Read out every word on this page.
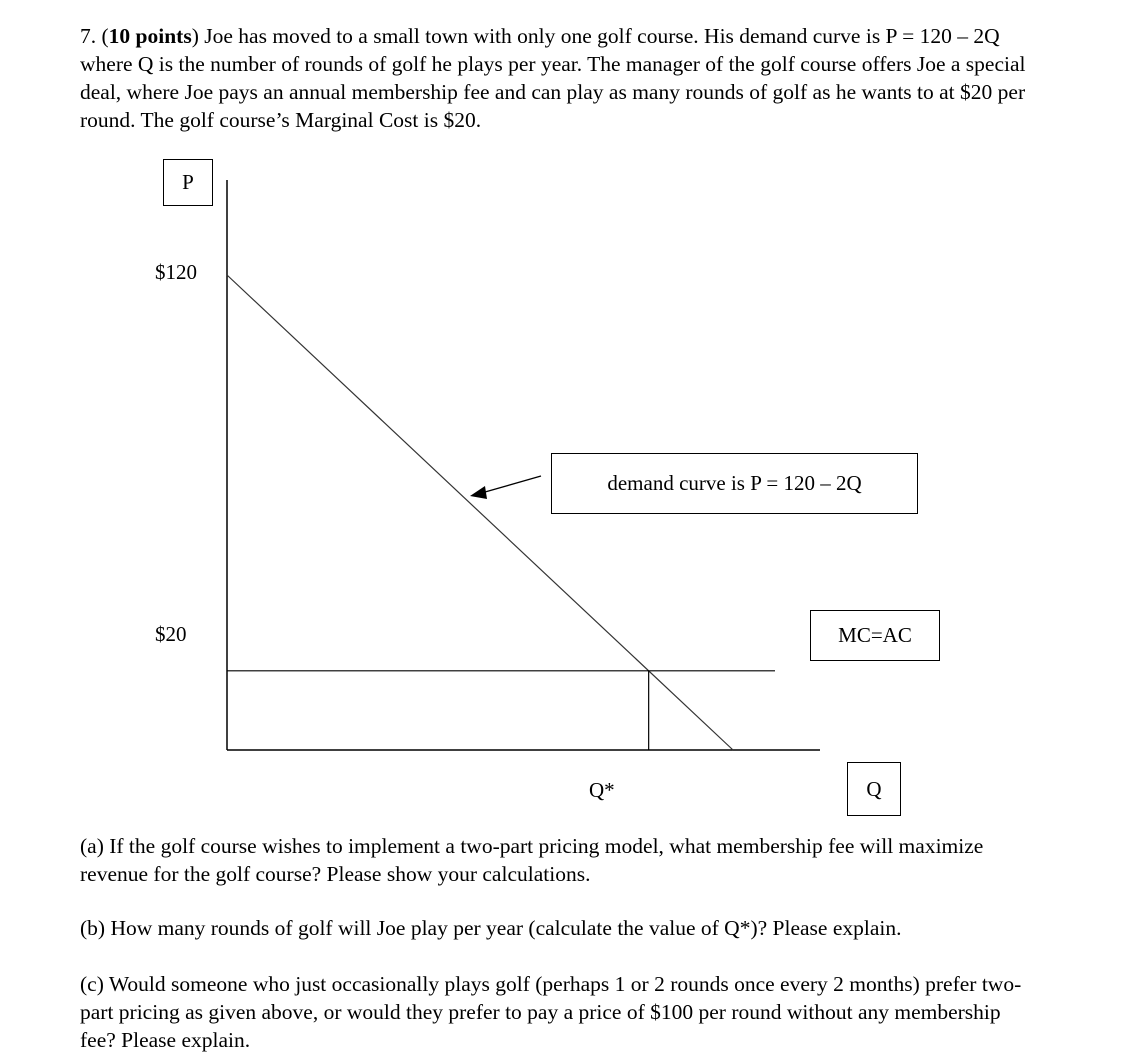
7. (10 points) Joe has moved to a small town with only one golf course. His demand curve is P = 120 – 2Q where Q is the number of rounds of golf he plays per year. The manager of the golf course offers Joe a special deal, where Joe pays an annual membership fee and can play as many rounds of golf as he wants to at $20 per round. The golf course’s Marginal Cost is $20.

P
$120
$20
demand curve is P = 120 – 2Q
MC=AC
Q*	Q

(a) If the golf course wishes to implement a two-part pricing model, what membership fee will maximize revenue for the golf course? Please show your calculations.

(b) How many rounds of golf will Joe play per year (calculate the value of Q*)? Please explain.

(c) Would someone who just occasionally plays golf (perhaps 1 or 2 rounds once every 2 months) prefer two-part pricing as given above, or would they prefer to pay a price of $100 per round without any membership fee? Please explain.
